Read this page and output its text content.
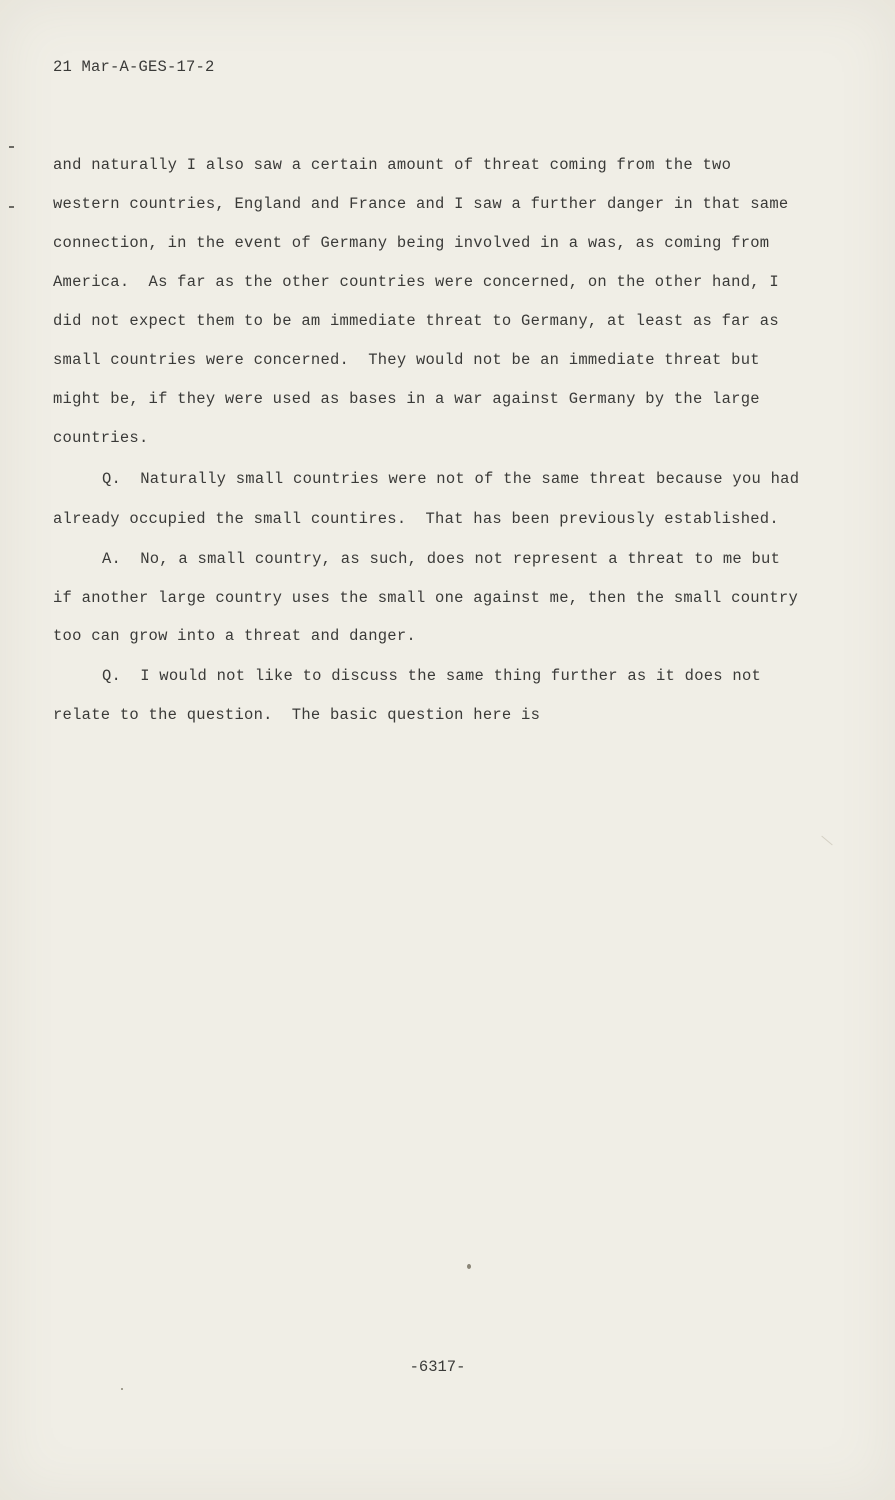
21 Mar-A-GES-17-2
and naturally I also saw a certain amount of threat coming from the two
western countries, England and France and I saw a further danger in that same
connection, in the event of Germany being involved in a was, as coming from
America.  As far as the other countries were concerned, on the other hand, I
did not expect them to be am immediate threat to Germany, at least as far as
small countries were concerned.  They would not be an immediate threat but
might be, if they were used as bases in a war against Germany by the large
countries.
Q.  Naturally small countries were not of the same threat because you had
already occupied the small countires.  That has been previously established.
A.  No, a small country, as such, does not represent a threat to me but
if another large country uses the small one against me, then the small country
too can grow into a threat and danger.
Q.  I would not like to discuss the same thing further as it does not
relate to the question.  The basic question here is
-6317-
